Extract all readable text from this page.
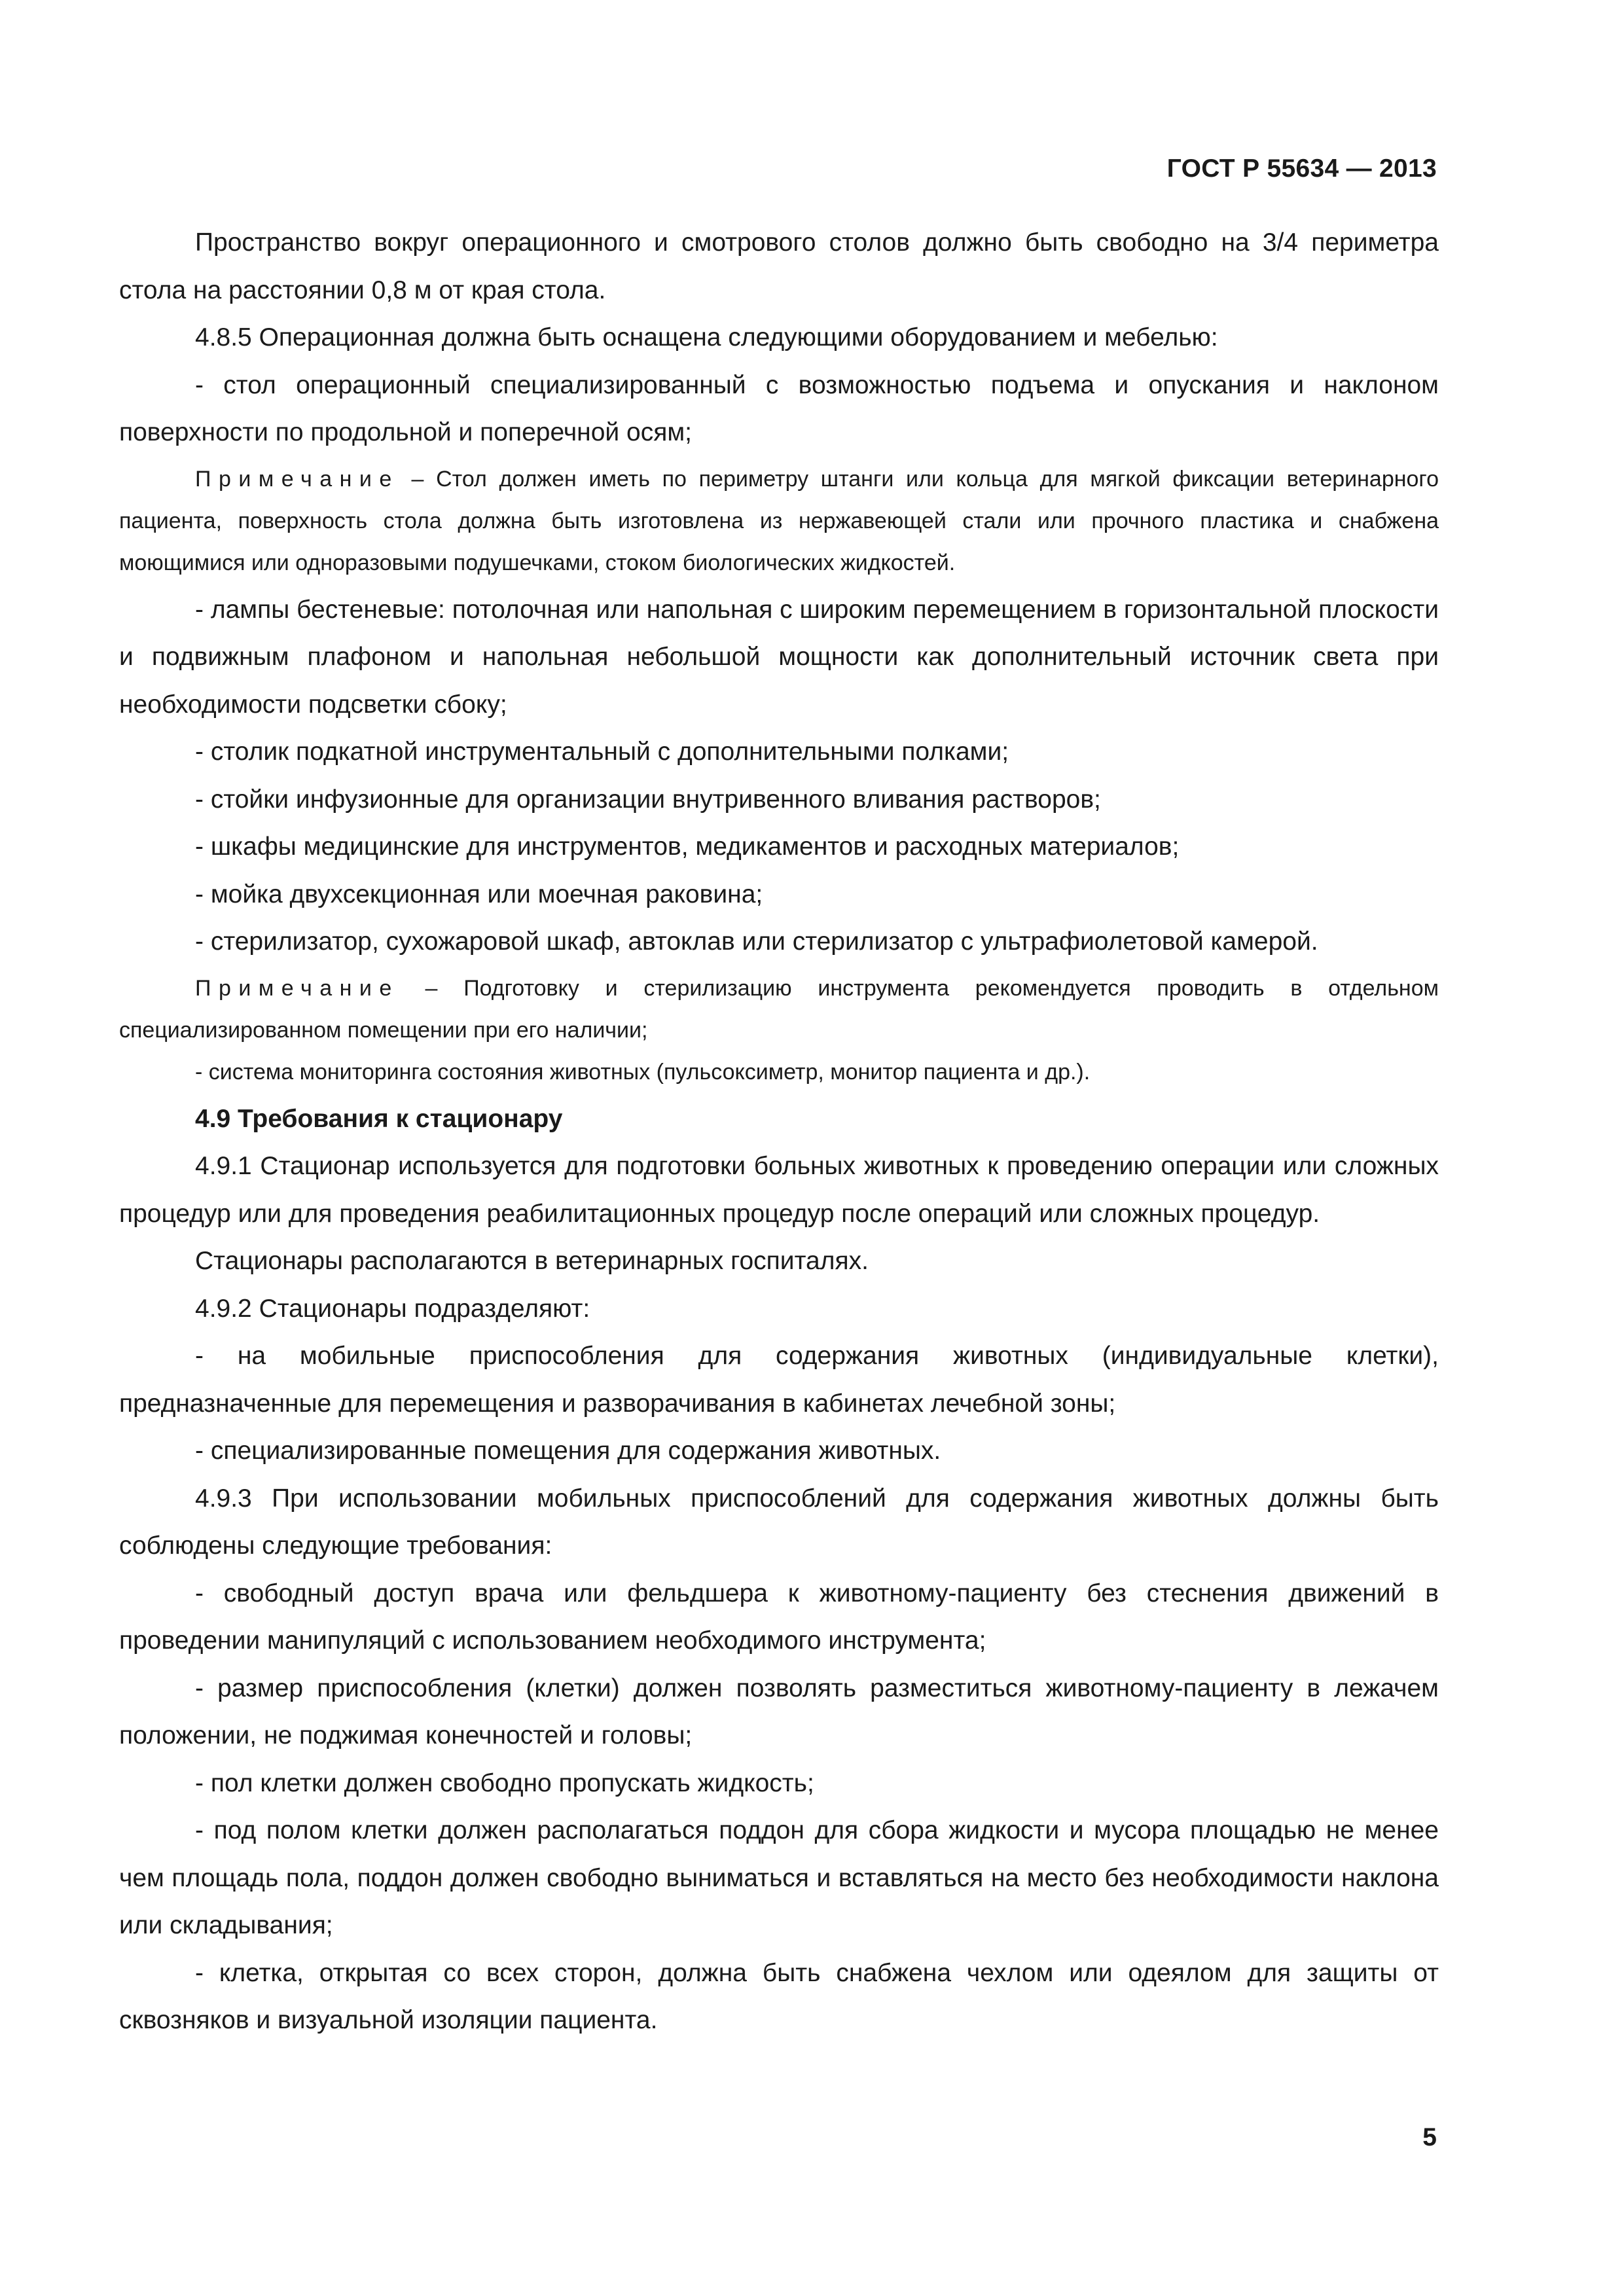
ГОСТ Р 55634 — 2013

Пространство вокруг операционного и смотрового столов должно быть свободно на 3/4 периметра стола на расстоянии 0,8 м от края стола.

4.8.5 Операционная должна быть оснащена следующими оборудованием и мебелью:

- стол операционный специализированный с возможностью подъема и опускания и наклоном поверхности по продольной и поперечной осям;

Примечание – Стол должен иметь по периметру штанги или кольца для мягкой фиксации ветеринарного пациента, поверхность стола должна быть изготовлена из нержавеющей стали или прочного пластика и снабжена моющимися или одноразовыми подушечками, стоком биологических жидкостей.

- лампы бестеневые: потолочная или напольная с широким перемещением в горизонтальной плоскости и подвижным плафоном и напольная небольшой мощности как дополнительный источник света при необходимости подсветки сбоку;

- столик подкатной инструментальный с дополнительными полками;

- стойки инфузионные для организации внутривенного вливания растворов;

- шкафы медицинские для инструментов, медикаментов и расходных материалов;

- мойка двухсекционная или моечная раковина;

- стерилизатор, сухожаровой шкаф, автоклав или стерилизатор с ультрафиолетовой камерой.

Примечание – Подготовку и стерилизацию инструмента рекомендуется проводить в отдельном специализированном помещении при его наличии;

- система мониторинга состояния животных (пульсоксиметр, монитор пациента и др.).

4.9 Требования к стационару

4.9.1 Стационар используется для подготовки больных животных к проведению операции или сложных процедур или для проведения реабилитационных процедур после операций или сложных процедур.

Стационары располагаются в ветеринарных госпиталях.

4.9.2 Стационары подразделяют:

- на мобильные приспособления для содержания животных (индивидуальные клетки), предназначенные для перемещения и разворачивания в кабинетах лечебной зоны;

- специализированные помещения для содержания животных.

4.9.3 При использовании мобильных приспособлений для содержания животных должны быть соблюдены следующие требования:

- свободный доступ врача или фельдшера к животному-пациенту без стеснения движений в проведении манипуляций с использованием необходимого инструмента;

- размер приспособления (клетки) должен позволять разместиться животному-пациенту в лежачем положении, не поджимая конечностей и головы;

- пол клетки должен свободно пропускать жидкость;

- под полом клетки должен располагаться поддон для сбора жидкости и мусора площадью не менее чем площадь пола, поддон должен свободно выниматься и вставляться на место без необходимости наклона или складывания;

- клетка, открытая со всех сторон, должна быть снабжена чехлом или одеялом для защиты от сквозняков и визуальной изоляции пациента.

5
